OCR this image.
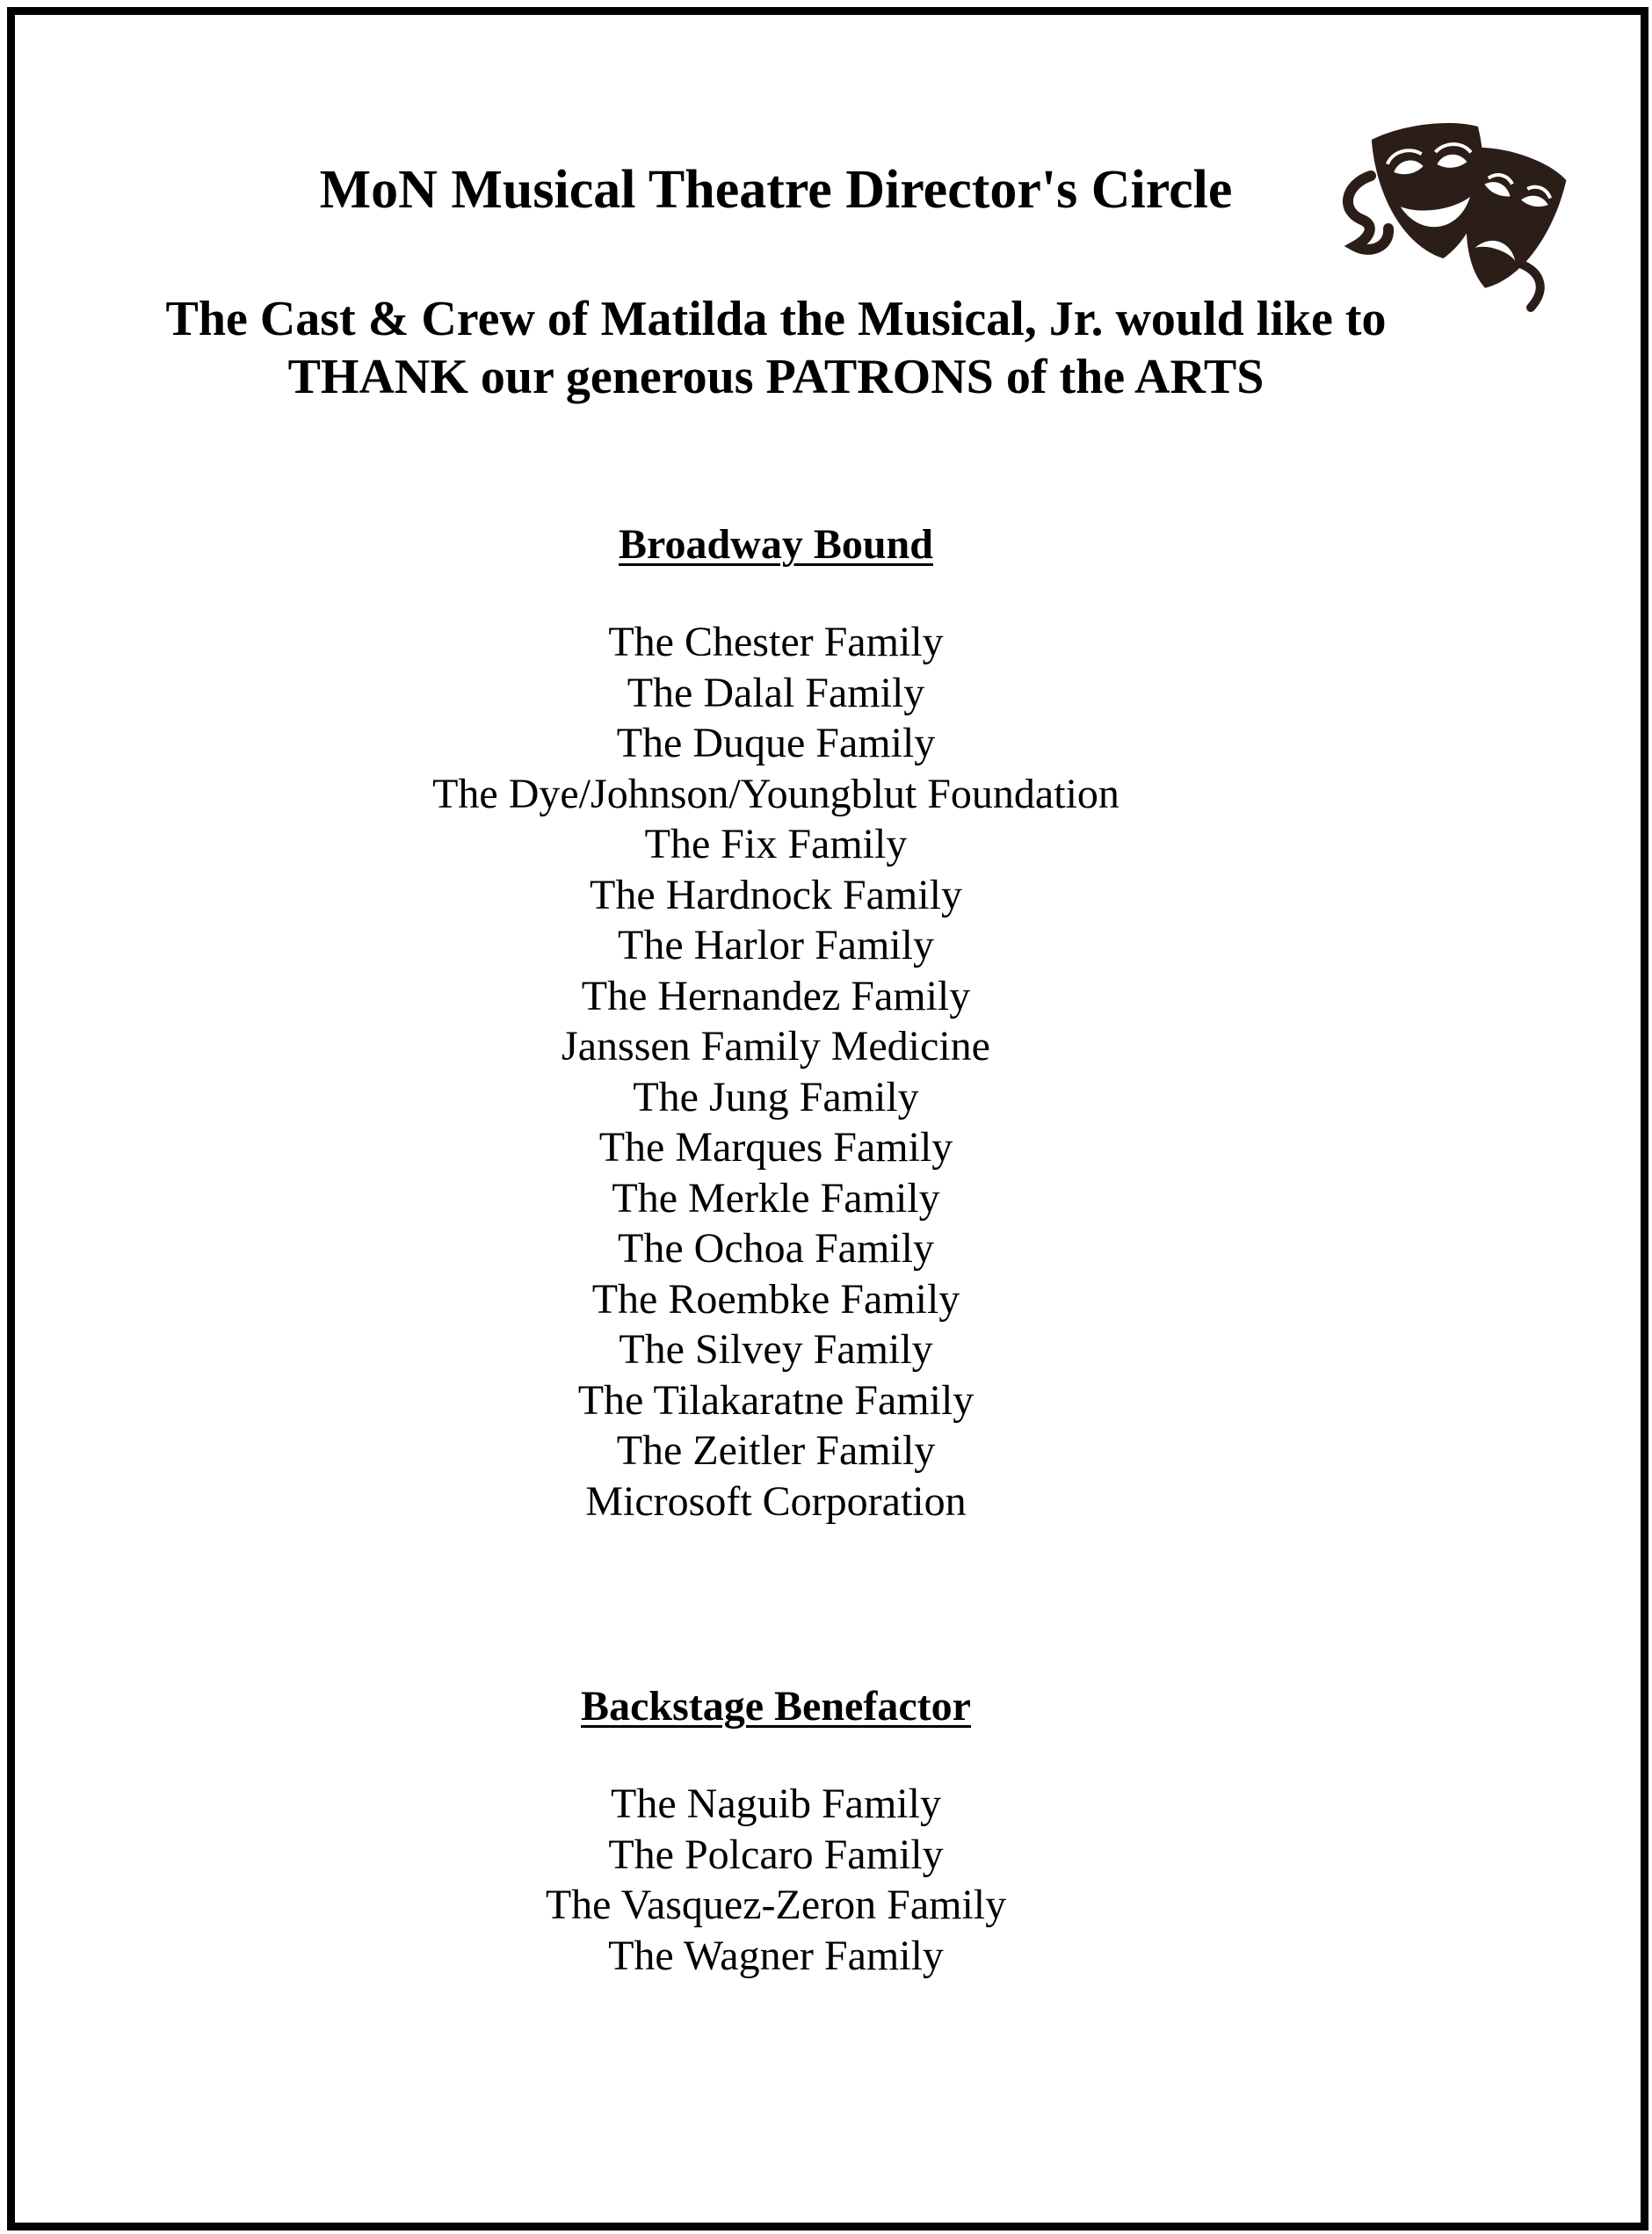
MoN Musical Theatre Director's Circle
The Cast & Crew of Matilda the Musical, Jr. would like to
THANK our generous PATRONS of the ARTS
Broadway Bound
The Chester Family
The Dalal Family
The Duque Family
The Dye/Johnson/Youngblut Foundation
The Fix Family
The Hardnock Family
The Harlor Family
The Hernandez Family
Janssen Family Medicine
The Jung Family
The Marques Family
The Merkle Family
The Ochoa Family
The Roembke Family
The Silvey Family
The Tilakaratne Family
The Zeitler Family
Microsoft Corporation
Backstage Benefactor
The Naguib Family
The Polcaro Family
The Vasquez-Zeron Family
The Wagner Family
